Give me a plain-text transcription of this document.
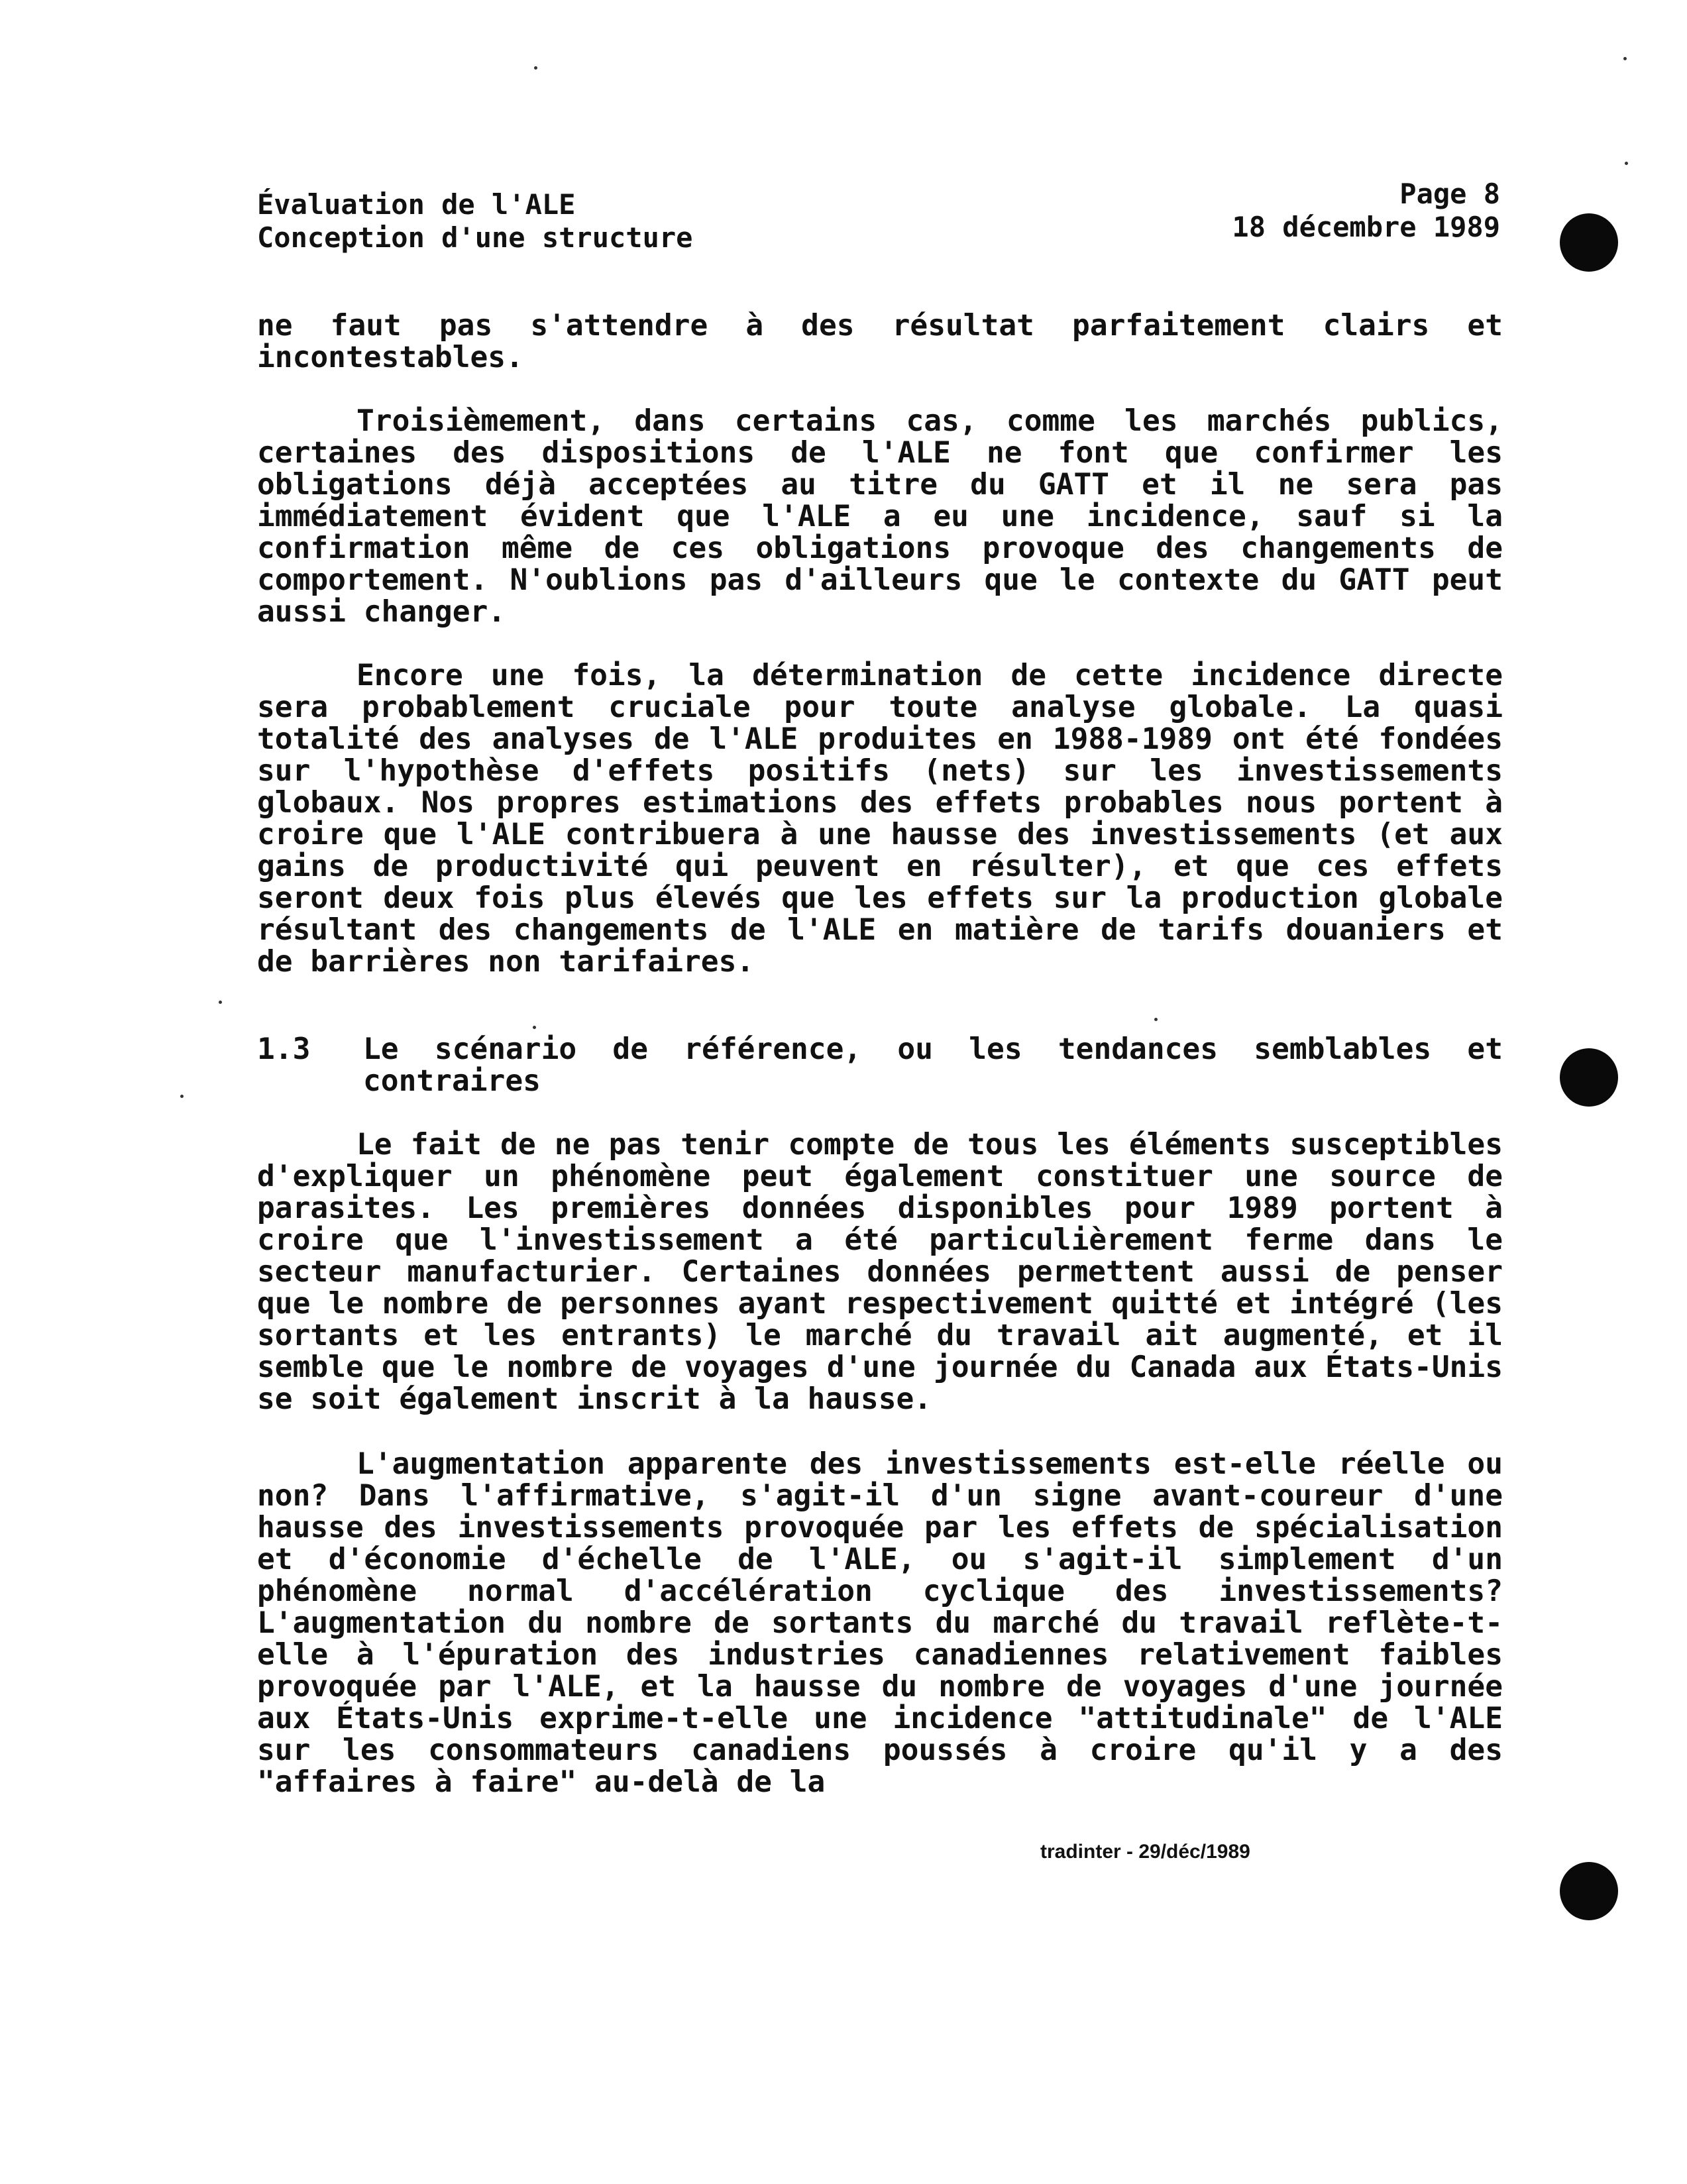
Évaluation de l'ALE
Conception d'une structure
Page 8
18 décembre 1989
ne faut pas s'attendre à des résultat parfaitement clairs et incontestables.
Troisièmement, dans certains cas, comme les marchés publics, certaines des dispositions de l'ALE ne font que confirmer les obligations déjà acceptées au titre du GATT et il ne sera pas immédiatement évident que l'ALE a eu une incidence, sauf si la confirmation même de ces obligations provoque des changements de comportement. N'oublions pas d'ailleurs que le contexte du GATT peut aussi changer.
Encore une fois, la détermination de cette incidence directe sera probablement cruciale pour toute analyse globale. La quasi totalité des analyses de l'ALE produites en 1988-1989 ont été fondées sur l'hypothèse d'effets positifs (nets) sur les investissements globaux. Nos propres estimations des effets probables nous portent à croire que l'ALE contribuera à une hausse des investissements (et aux gains de productivité qui peuvent en résulter), et que ces effets seront deux fois plus élevés que les effets sur la production globale résultant des changements de l'ALE en matière de tarifs douaniers et de barrières non tarifaires.
1.3	Le scénario de référence, ou les tendances semblables et contraires
Le fait de ne pas tenir compte de tous les éléments susceptibles d'expliquer un phénomène peut également constituer une source de parasites. Les premières données disponibles pour 1989 portent à croire que l'investissement a été particulièrement ferme dans le secteur manufacturier. Certaines données permettent aussi de penser que le nombre de personnes ayant respectivement quitté et intégré (les sortants et les entrants) le marché du travail ait augmenté, et il semble que le nombre de voyages d'une journée du Canada aux États-Unis se soit également inscrit à la hausse.
L'augmentation apparente des investissements est-elle réelle ou non? Dans l'affirmative, s'agit-il d'un signe avant-coureur d'une hausse des investissements provoquée par les effets de spécialisation et d'économie d'échelle de l'ALE, ou s'agit-il simplement d'un phénomène normal d'accélération cyclique des investissements? L'augmentation du nombre de sortants du marché du travail reflète-t-elle à l'épuration des industries canadiennes relativement faibles provoquée par l'ALE, et la hausse du nombre de voyages d'une journée aux États-Unis exprime-t-elle une incidence "attitudinale" de l'ALE sur les consommateurs canadiens poussés à croire qu'il y a des "affaires à faire" au-delà de la
tradinter - 29/déc/1989
